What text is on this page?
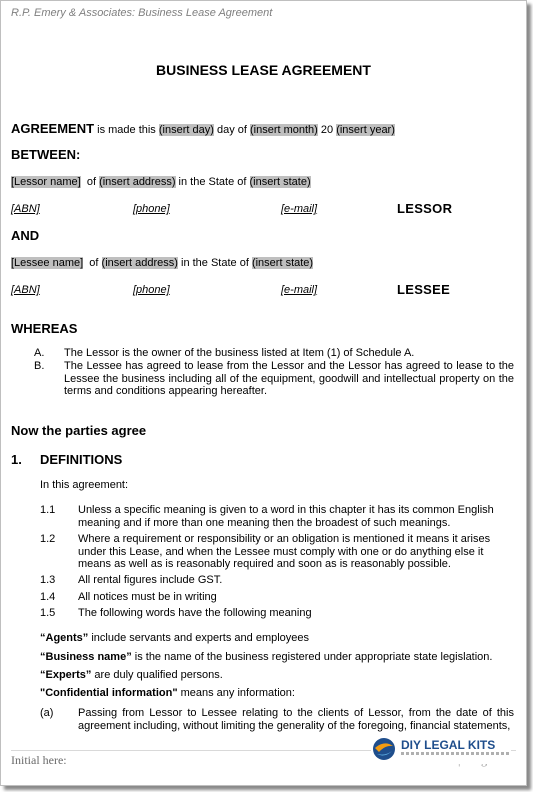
R.P. Emery & Associates: Business Lease Agreement
BUSINESS LEASE AGREEMENT
AGREEMENT is made this (insert day) day of (insert month) 20 (insert year)
BETWEEN:
[Lessor name] of (insert address) in the State of (insert state)
[ABN]	[phone]	[e-mail]	LESSOR
AND
[Lessee name] of (insert address) in the State of (insert state)
[ABN]	[phone]	[e-mail]	LESSEE
WHEREAS
A. The Lessor is the owner of the business listed at Item (1) of Schedule A.
B. The Lessee has agreed to lease from the Lessor and the Lessor has agreed to lease to the Lessee the business including all of the equipment, goodwill and intellectual property on the terms and conditions appearing hereafter.
Now the parties agree
1. DEFINITIONS
In this agreement:
1.1 Unless a specific meaning is given to a word in this chapter it has its common English meaning and if more than one meaning then the broadest of such meanings.
1.2 Where a requirement or responsibility or an obligation is mentioned it means it arises under this Lease, and when the Lessee must comply with one or do anything else it means as well as is reasonably required and soon as is reasonably possible.
1.3 All rental figures include GST.
1.4 All notices must be in writing
1.5 The following words have the following meaning
“Agents” include servants and experts and employees
“Business name” is the name of the business registered under appropriate state legislation.
“Experts” are duly qualified persons.
"Confidential information" means any information:
(a) Passing from Lessor to Lessee relating to the clients of Lessor, from the date of this agreement including, without limiting the generality of the foregoing, financial statements,
Initial here:
DIY LEGAL KITS
